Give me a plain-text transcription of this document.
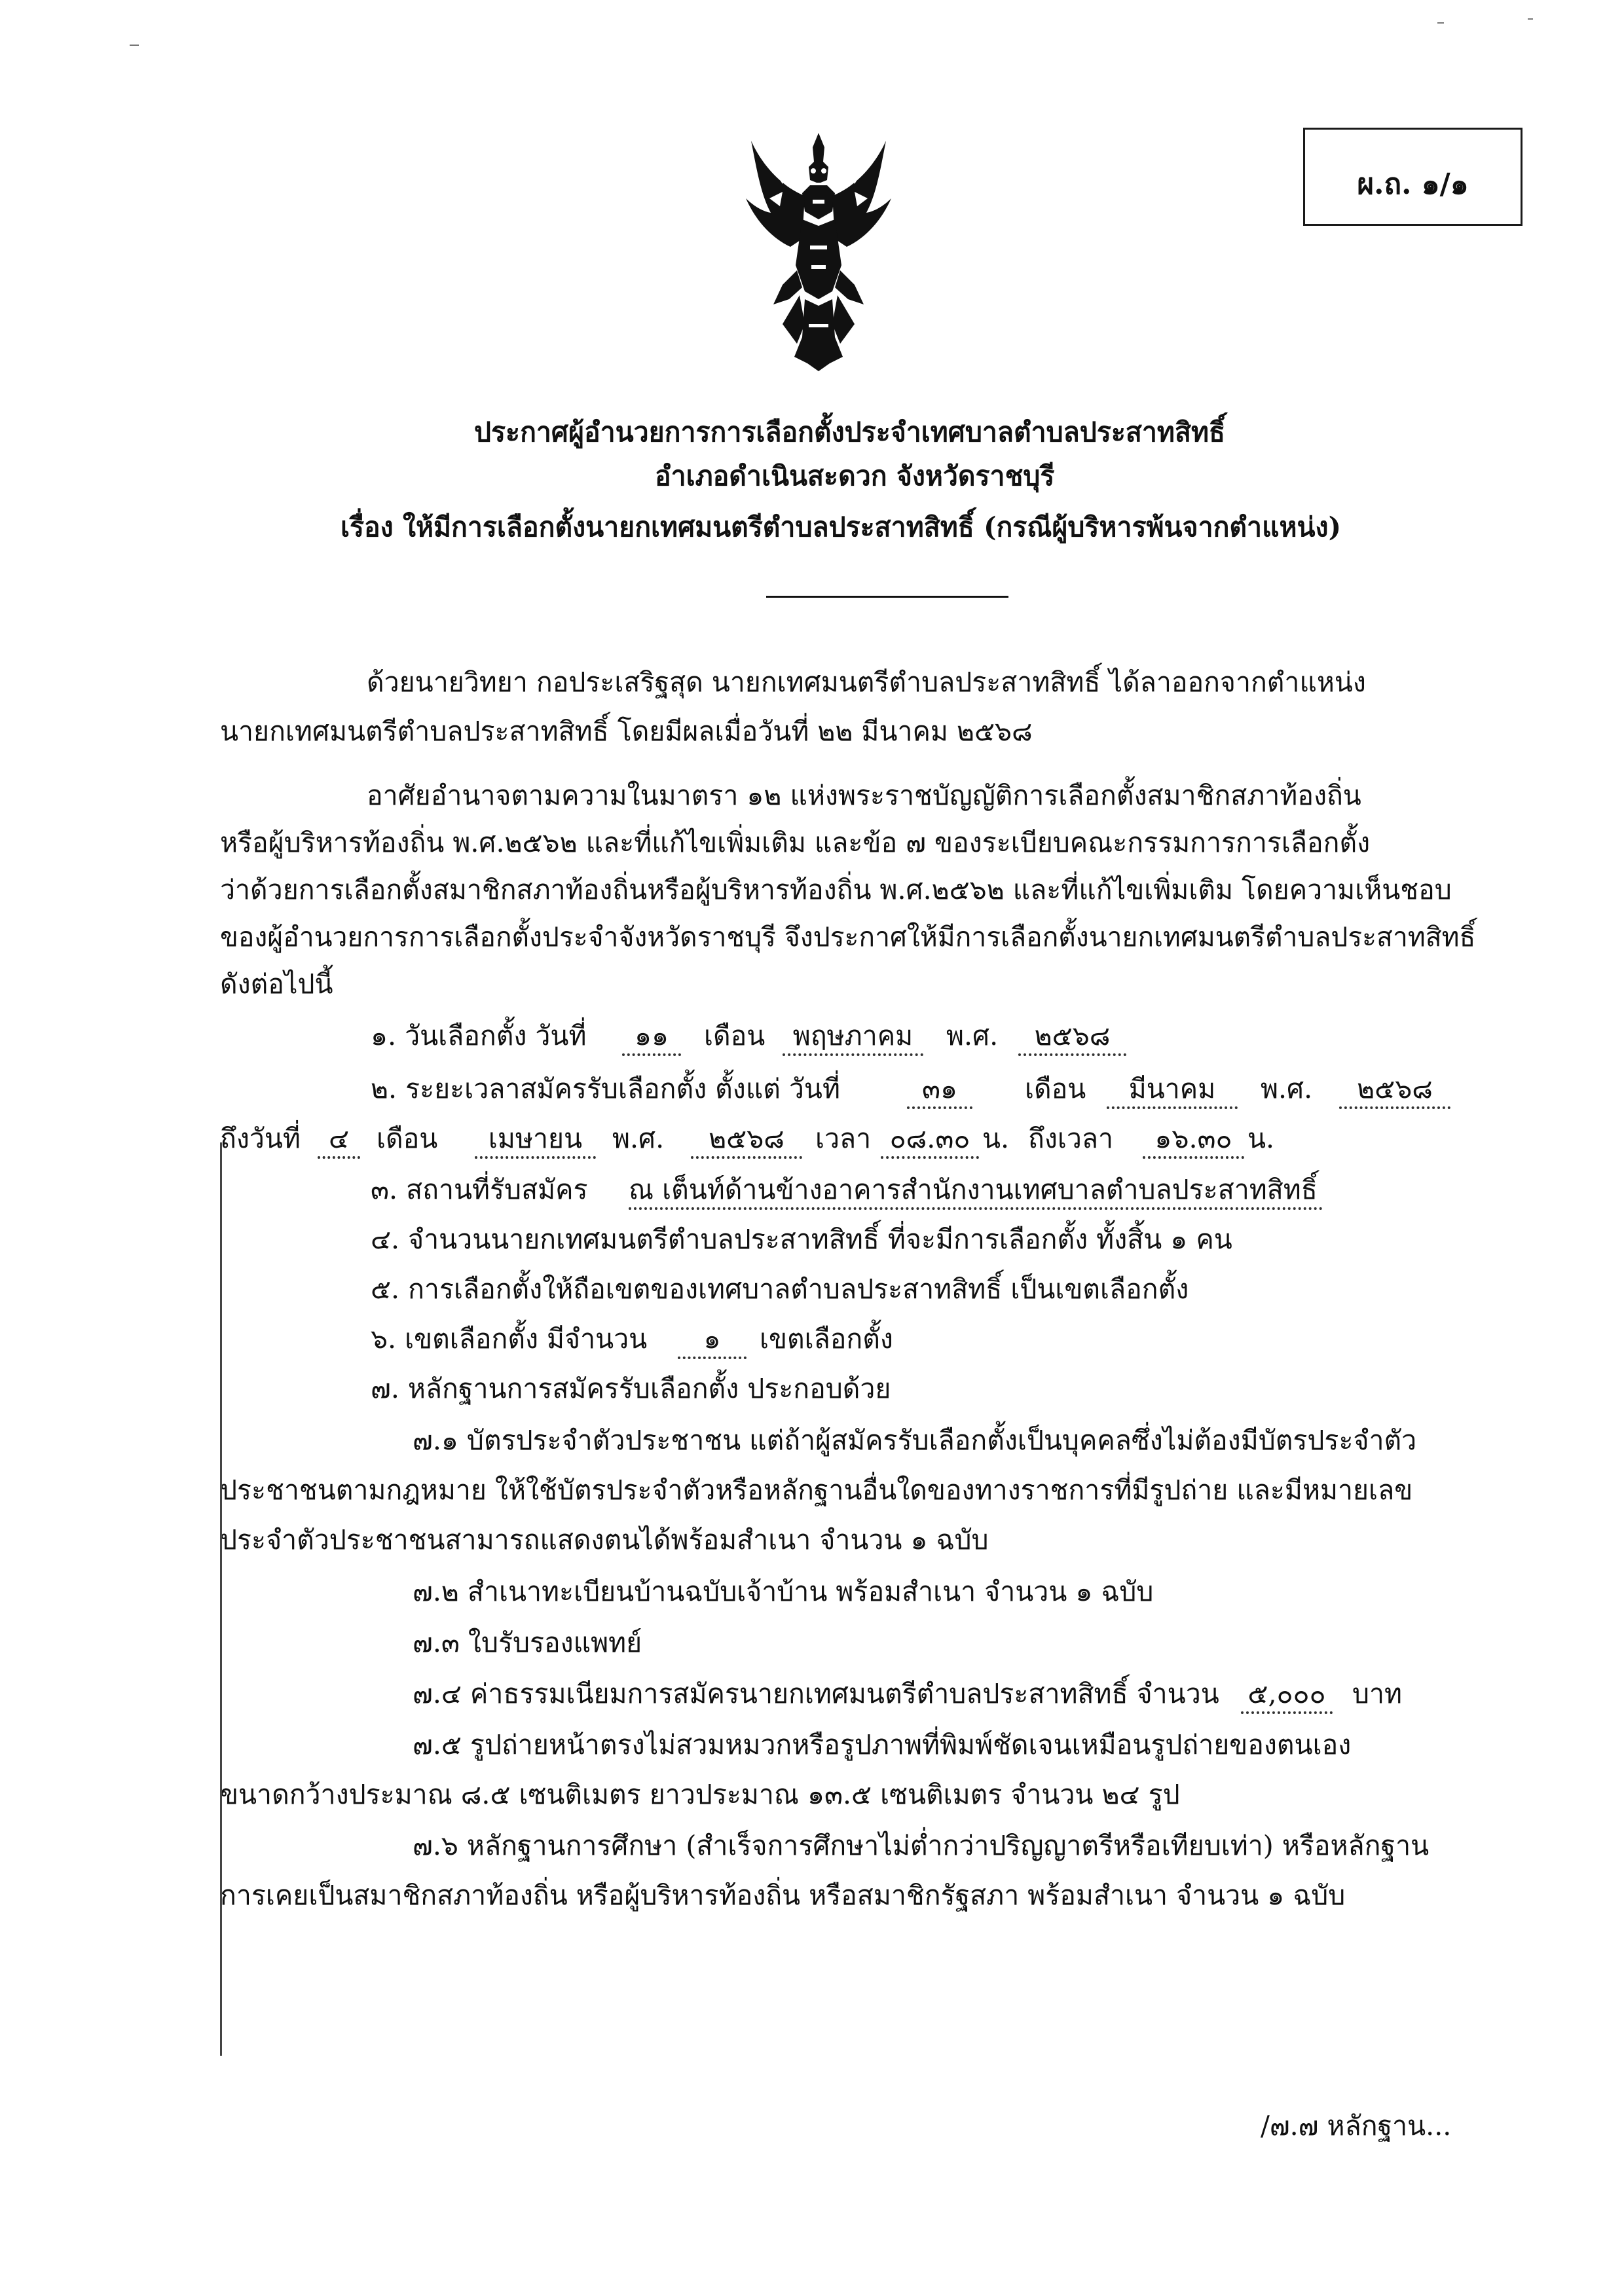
ผ.ถ. ๑/๑
ประกาศผู้อำนวยการการเลือกตั้งประจำเทศบาลตำบลประสาทสิทธิ์
อำเภอดำเนินสะดวก จังหวัดราชบุรี
เรื่อง ให้มีการเลือกตั้งนายกเทศมนตรีตำบลประสาทสิทธิ์ (กรณีผู้บริหารพ้นจากตำแหน่ง)
ด้วยนายวิทยา กอประเสริฐสุด นายกเทศมนตรีตำบลประสาทสิทธิ์ ได้ลาออกจากตำแหน่ง
นายกเทศมนตรีตำบลประสาทสิทธิ์ โดยมีผลเมื่อวันที่ ๒๒ มีนาคม ๒๕๖๘
อาศัยอำนาจตามความในมาตรา ๑๒ แห่งพระราชบัญญัติการเลือกตั้งสมาชิกสภาท้องถิ่น
หรือผู้บริหารท้องถิ่น พ.ศ.๒๕๖๒ และที่แก้ไขเพิ่มเติม และข้อ ๗ ของระเบียบคณะกรรมการการเลือกตั้ง
ว่าด้วยการเลือกตั้งสมาชิกสภาท้องถิ่นหรือผู้บริหารท้องถิ่น พ.ศ.๒๕๖๒ และที่แก้ไขเพิ่มเติม โดยความเห็นชอบ
ของผู้อำนวยการการเลือกตั้งประจำจังหวัดราชบุรี จึงประกาศให้มีการเลือกตั้งนายกเทศมนตรีตำบลประสาทสิทธิ์
ดังต่อไปนี้
๑. วันเลือกตั้ง วันที่	๑๑	เดือน	พฤษภาคม	พ.ศ.	๒๕๖๘
๒. ระยะเวลาสมัครรับเลือกตั้ง ตั้งแต่ วันที่	๓๑	เดือน	มีนาคม	พ.ศ.	๒๕๖๘
ถึงวันที่	๔	เดือน	เมษายน	พ.ศ.	๒๕๖๘	เวลา ๐๘.๓๐ น. ถึงเวลา	๑๖.๓๐ น.
๓. สถานที่รับสมัคร ณ เต็นท์ด้านข้างอาคารสำนักงานเทศบาลตำบลประสาทสิทธิ์
๔. จำนวนนายกเทศมนตรีตำบลประสาทสิทธิ์ ที่จะมีการเลือกตั้ง ทั้งสิ้น ๑ คน
๕. การเลือกตั้งให้ถือเขตของเทศบาลตำบลประสาทสิทธิ์ เป็นเขตเลือกตั้ง
๖. เขตเลือกตั้ง มีจำนวน	๑	เขตเลือกตั้ง
๗. หลักฐานการสมัครรับเลือกตั้ง ประกอบด้วย
๗.๑ บัตรประจำตัวประชาชน แต่ถ้าผู้สมัครรับเลือกตั้งเป็นบุคคลซึ่งไม่ต้องมีบัตรประจำตัว
ประชาชนตามกฎหมาย ให้ใช้บัตรประจำตัวหรือหลักฐานอื่นใดของทางราชการที่มีรูปถ่าย และมีหมายเลข
ประจำตัวประชาชนสามารถแสดงตนได้พร้อมสำเนา จำนวน ๑ ฉบับ
๗.๒ สำเนาทะเบียนบ้านฉบับเจ้าบ้าน พร้อมสำเนา จำนวน ๑ ฉบับ
๗.๓ ใบรับรองแพทย์
๗.๔ ค่าธรรมเนียมการสมัครนายกเทศมนตรีตำบลประสาทสิทธิ์ จำนวน ๕,๐๐๐ บาท
๗.๕ รูปถ่ายหน้าตรงไม่สวมหมวกหรือรูปภาพที่พิมพ์ชัดเจนเหมือนรูปถ่ายของตนเอง
ขนาดกว้างประมาณ ๘.๕ เซนติเมตร ยาวประมาณ ๑๓.๕ เซนติเมตร จำนวน ๒๔ รูป
๗.๖ หลักฐานการศึกษา (สำเร็จการศึกษาไม่ต่ำกว่าปริญญาตรีหรือเทียบเท่า) หรือหลักฐาน
การเคยเป็นสมาชิกสภาท้องถิ่น หรือผู้บริหารท้องถิ่น หรือสมาชิกรัฐสภา พร้อมสำเนา จำนวน ๑ ฉบับ
/๗.๗ หลักฐาน...
